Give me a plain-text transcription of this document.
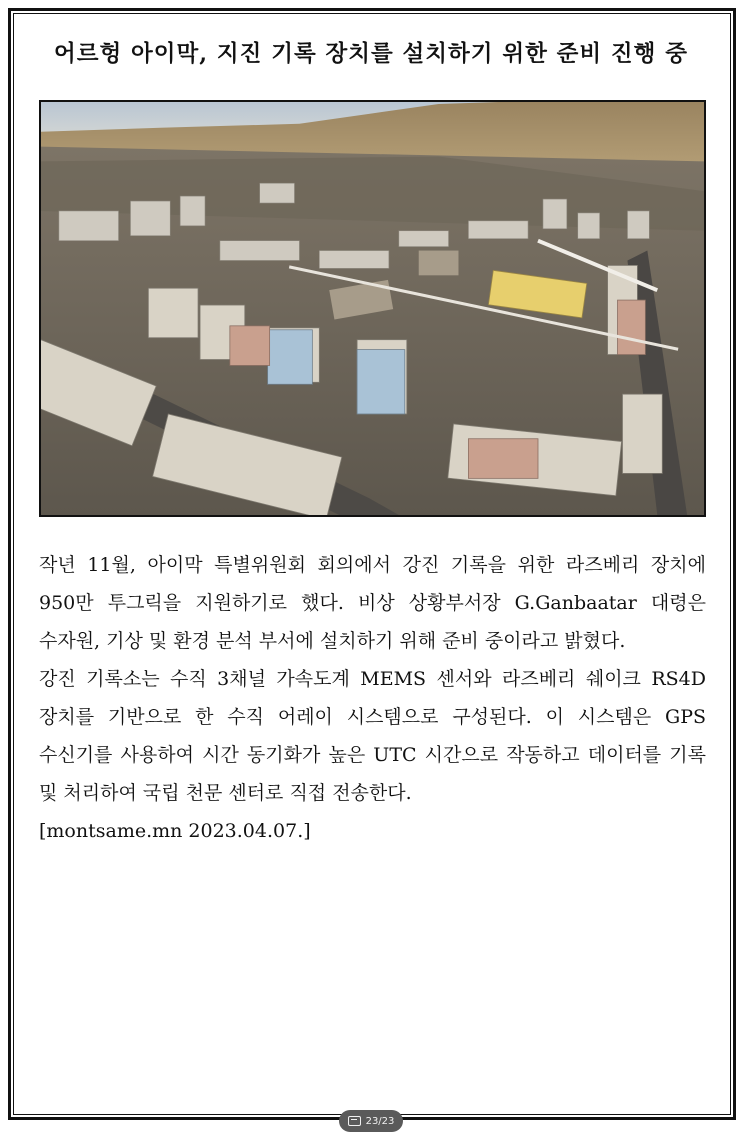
어르헝 아이막, 지진 기록 장치를 설치하기 위한 준비 진행 중

작년 11월, 아이막 특별위원회 회의에서 강진 기록을 위한 라즈베리 장치에 950만 투그릭을 지원하기로 했다. 비상 상황부서장 G.Ganbaatar 대령은 수자원, 기상 및 환경 분석 부서에 설치하기 위해 준비 중이라고 밝혔다.

강진 기록소는 수직 3채널 가속도계 MEMS 센서와 라즈베리 쉐이크 RS4D 장치를 기반으로 한 수직 어레이 시스템으로 구성된다. 이 시스템은 GPS 수신기를 사용하여 시간 동기화가 높은 UTC 시간으로 작동하고 데이터를 기록 및 처리하여 국립 천문 센터로 직접 전송한다.

[montsame.mn 2023.04.07.]

23/23
